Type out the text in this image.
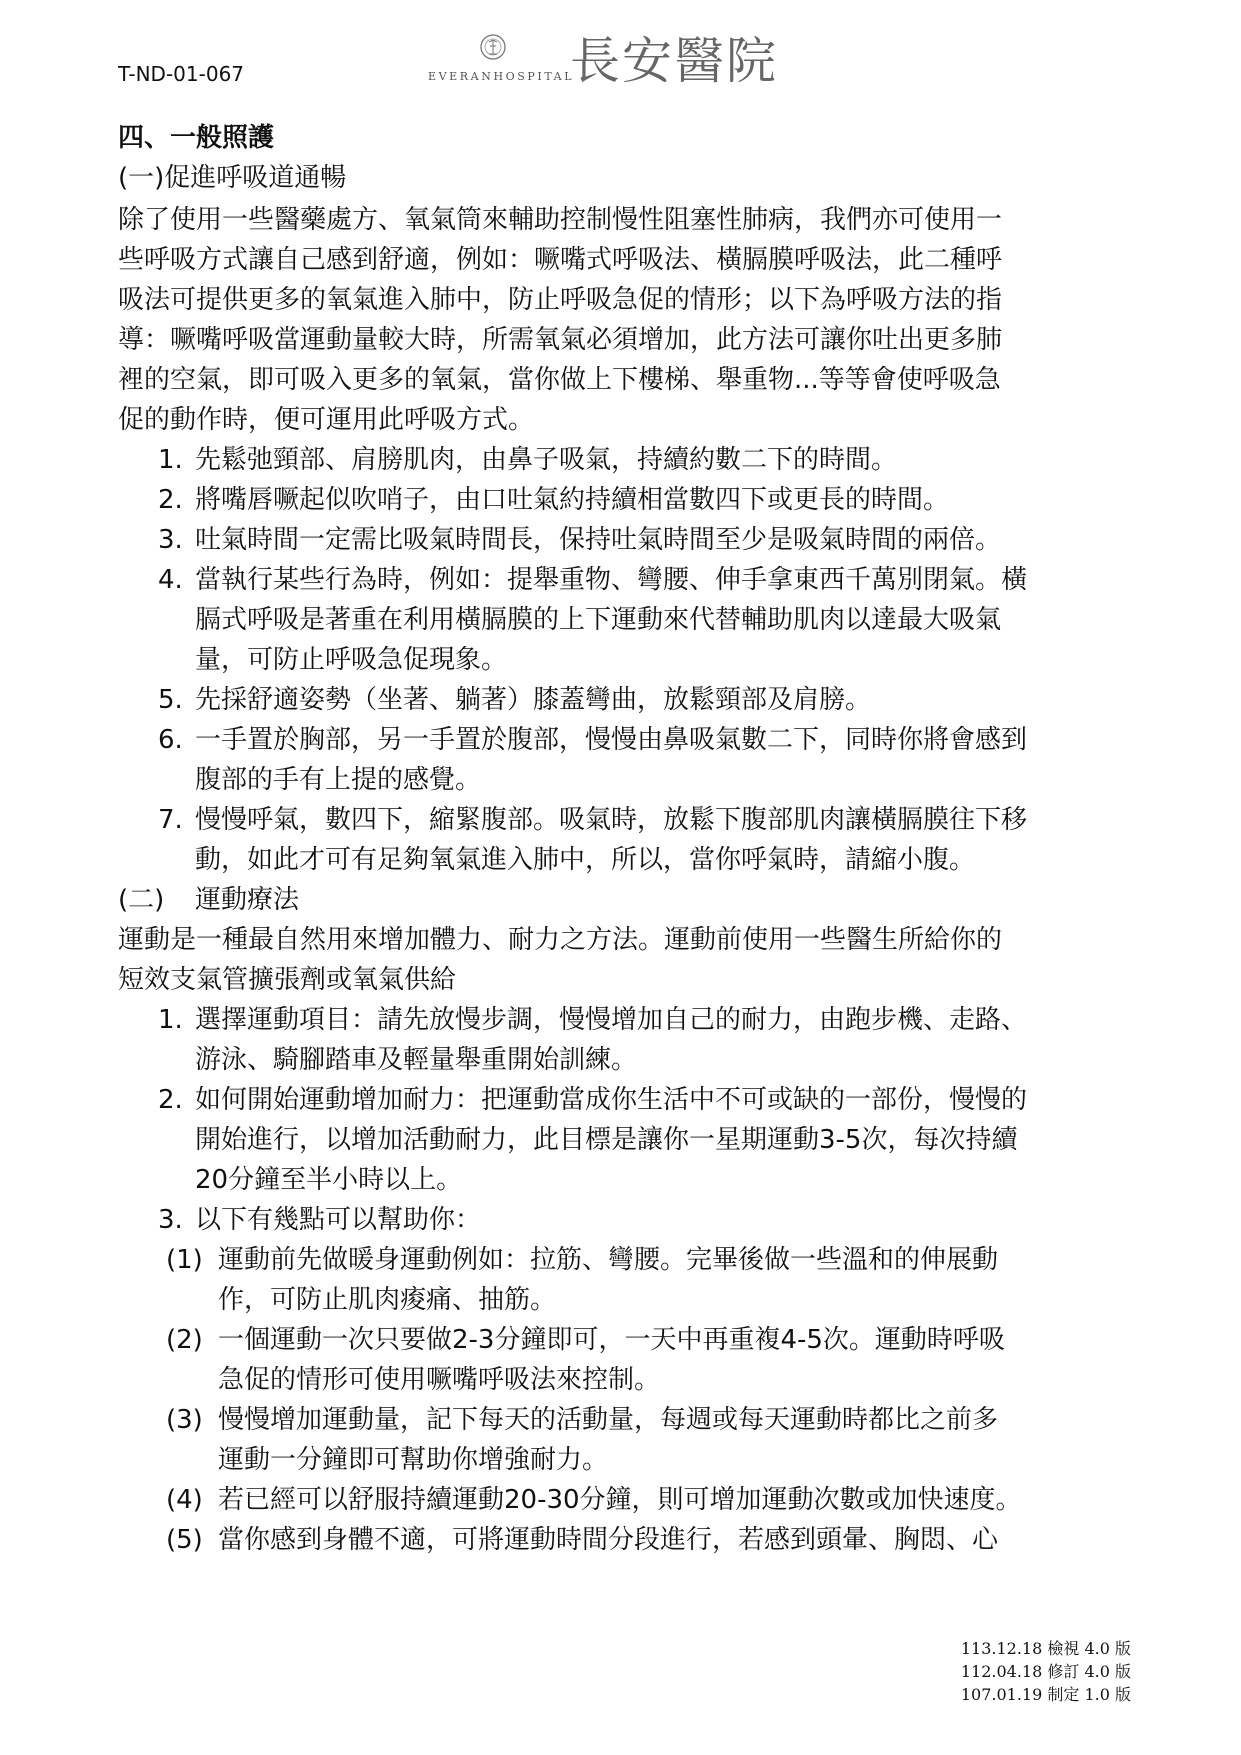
T-ND-01-067	EVERANHOSPITAL
長安醫院
四、一般照護
(一)促進呼吸道通暢
除了使用一些醫藥處方、氧氣筒來輔助控制慢性阻塞性肺病，我們亦可使用一
些呼吸方式讓自己感到舒適，例如：噘嘴式呼吸法、橫膈膜呼吸法，此二種呼
吸法可提供更多的氧氣進入肺中，防止呼吸急促的情形；以下為呼吸方法的指
導：噘嘴呼吸當運動量較大時，所需氧氣必須增加，此方法可讓你吐出更多肺
裡的空氣，即可吸入更多的氧氣，當你做上下樓梯、舉重物...等等會使呼吸急
促的動作時，便可運用此呼吸方式。
1. 先鬆弛頸部、肩膀肌肉，由鼻子吸氣，持續約數二下的時間。
2. 將嘴唇噘起似吹哨子，由口吐氣約持續相當數四下或更長的時間。
3. 吐氣時間一定需比吸氣時間長，保持吐氣時間至少是吸氣時間的兩倍。
4. 當執行某些行為時，例如：提舉重物、彎腰、伸手拿東西千萬別閉氣。橫
膈式呼吸是著重在利用橫膈膜的上下運動來代替輔助肌肉以達最大吸氣
量，可防止呼吸急促現象。
5. 先採舒適姿勢（坐著、躺著）膝蓋彎曲，放鬆頸部及肩膀。
6. 一手置於胸部，另一手置於腹部，慢慢由鼻吸氣數二下，同時你將會感到
腹部的手有上提的感覺。
7. 慢慢呼氣，數四下，縮緊腹部。吸氣時，放鬆下腹部肌肉讓橫膈膜往下移
動，如此才可有足夠氧氣進入肺中，所以，當你呼氣時，請縮小腹。
(二) 運動療法
運動是一種最自然用來增加體力、耐力之方法。運動前使用一些醫生所給你的
短效支氣管擴張劑或氧氣供給
1. 選擇運動項目：請先放慢步調，慢慢增加自己的耐力，由跑步機、走路、
游泳、騎腳踏車及輕量舉重開始訓練。
2. 如何開始運動增加耐力：把運動當成你生活中不可或缺的一部份，慢慢的
開始進行，以增加活動耐力，此目標是讓你一星期運動3-5次，每次持續
20分鐘至半小時以上。
3. 以下有幾點可以幫助你：
(1) 運動前先做暖身運動例如：拉筋、彎腰。完畢後做一些溫和的伸展動
作，可防止肌肉痠痛、抽筋。
(2) 一個運動一次只要做2-3分鐘即可，一天中再重複4-5次。運動時呼吸
急促的情形可使用噘嘴呼吸法來控制。
(3) 慢慢增加運動量，記下每天的活動量，每週或每天運動時都比之前多
運動一分鐘即可幫助你增強耐力。
(4) 若已經可以舒服持續運動20-30分鐘，則可增加運動次數或加快速度。
(5) 當你感到身體不適，可將運動時間分段進行，若感到頭暈、胸悶、心
113.12.18 檢視 4.0 版
112.04.18 修訂 4.0 版
107.01.19 制定 1.0 版
